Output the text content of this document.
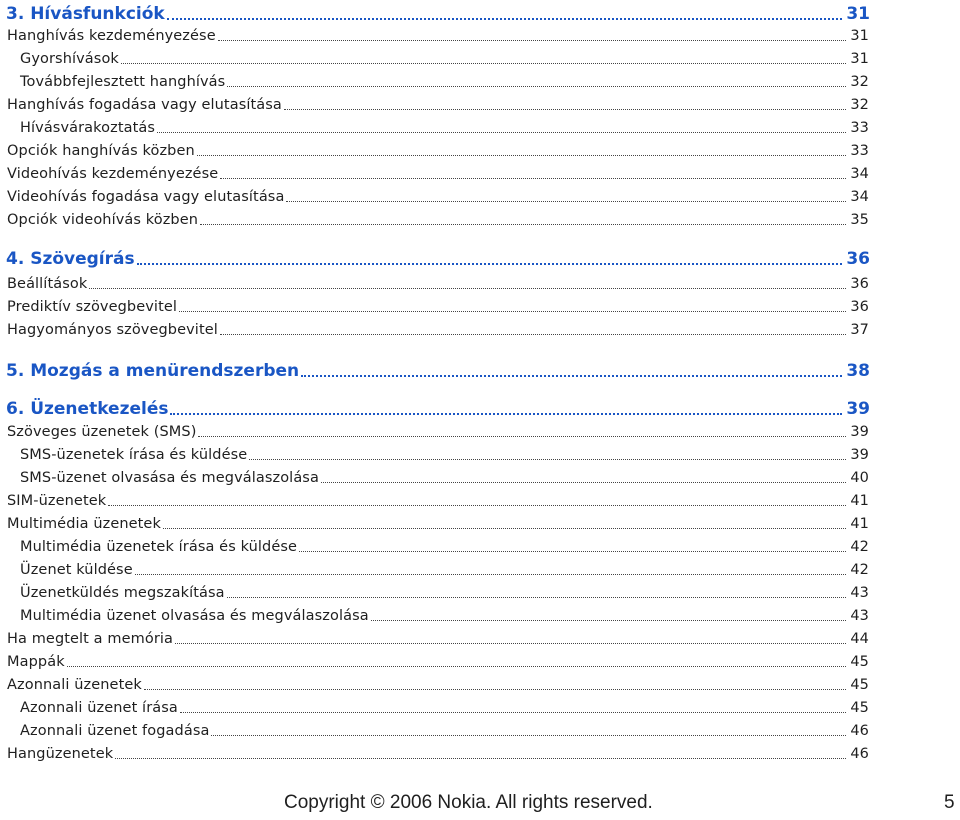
3. Hívásfunkciók	31
Hanghívás kezdeményezése	31
Gyorshívások	31
Továbbfejlesztett hanghívás	32
Hanghívás fogadása vagy elutasítása	32
Hívásvárakoztatás	33
Opciók hanghívás közben	33
Videohívás kezdeményezése	34
Videohívás fogadása vagy elutasítása	34
Opciók videohívás közben	35
4. Szövegírás	36
Beállítások	36
Prediktív szövegbevitel	36
Hagyományos szövegbevitel	37
5. Mozgás a menürendszerben	38
6. Üzenetkezelés	39
Szöveges üzenetek (SMS)	39
SMS-üzenetek írása és küldése	39
SMS-üzenet olvasása és megválaszolása	40
SIM-üzenetek	41
Multimédia üzenetek	41
Multimédia üzenetek írása és küldése	42
Üzenet küldése	42
Üzenetküldés megszakítása	43
Multimédia üzenet olvasása és megválaszolása	43
Ha megtelt a memória	44
Mappák	45
Azonnali üzenetek	45
Azonnali üzenet írása	45
Azonnali üzenet fogadása	46
Hangüzenetek	46
Copyright © 2006 Nokia. All rights reserved.	5
